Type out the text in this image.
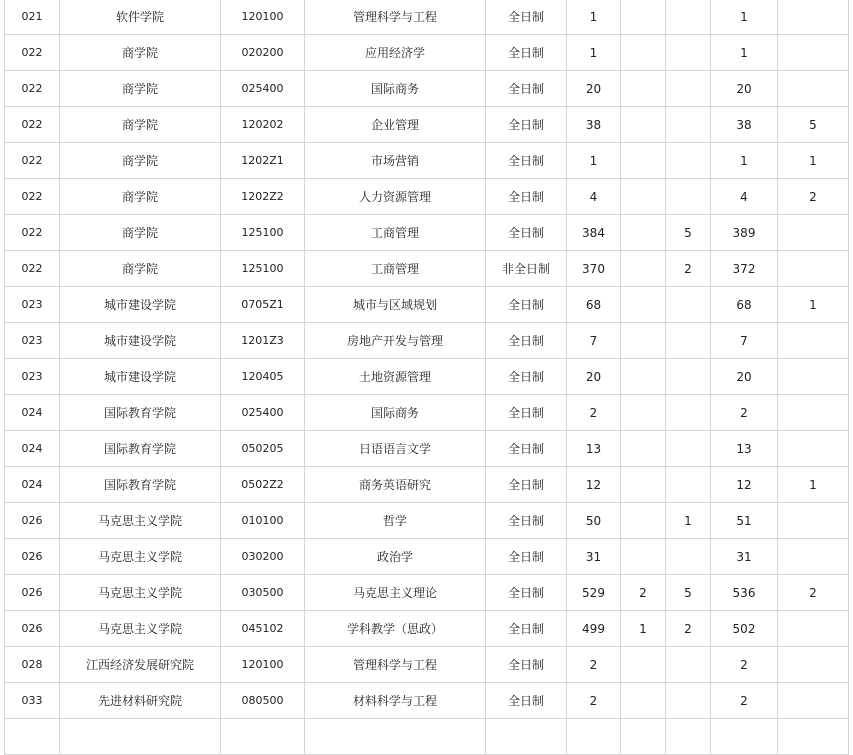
021	软件学院	120100	管理科学与工程	全日制	1			1	
022	商学院	020200	应用经济学	全日制	1			1	
022	商学院	025400	国际商务	全日制	20			20	
022	商学院	120202	企业管理	全日制	38			38	5
022	商学院	1202Z1	市场营销	全日制	1			1	1
022	商学院	1202Z2	人力资源管理	全日制	4			4	2
022	商学院	125100	工商管理	全日制	384		5	389	
022	商学院	125100	工商管理	非全日制	370		2	372	
023	城市建设学院	0705Z1	城市与区域规划	全日制	68			68	1
023	城市建设学院	1201Z3	房地产开发与管理	全日制	7			7	
023	城市建设学院	120405	土地资源管理	全日制	20			20	
024	国际教育学院	025400	国际商务	全日制	2			2	
024	国际教育学院	050205	日语语言文学	全日制	13			13	
024	国际教育学院	0502Z2	商务英语研究	全日制	12			12	1
026	马克思主义学院	010100	哲学	全日制	50		1	51	
026	马克思主义学院	030200	政治学	全日制	31			31	
026	马克思主义学院	030500	马克思主义理论	全日制	529	2	5	536	2
026	马克思主义学院	045102	学科教学（思政）	全日制	499	1	2	502	
028	江西经济发展研究院	120100	管理科学与工程	全日制	2			2	
033	先进材料研究院	080500	材料科学与工程	全日制	2			2	
